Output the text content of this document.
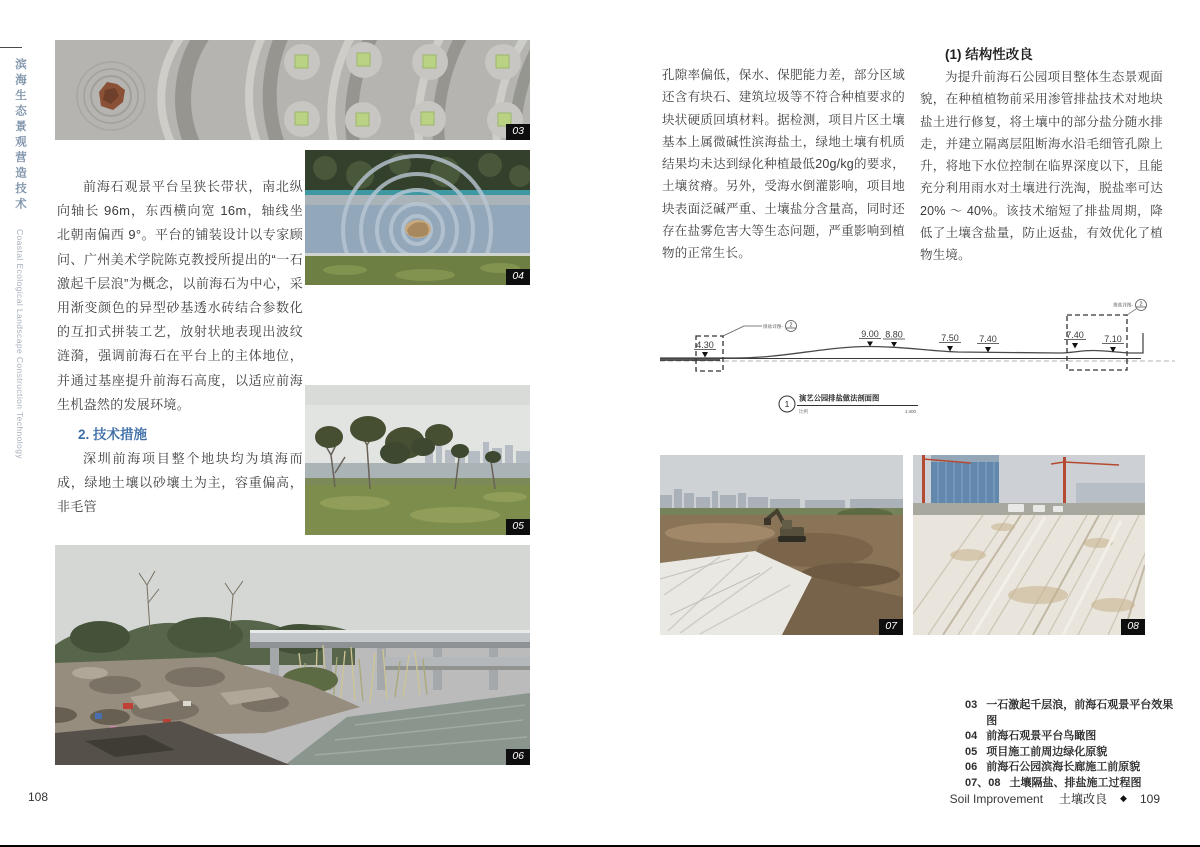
滨海生态景观营造技术 Coastal Ecological Landscape Construction Technology
03

前海石观景平台呈狭长带状，南北纵向轴长 96m，东西横向宽 16m，轴线坐北朝南偏西 9°。平台的铺装设计以专家顾问、广州美术学院陈克教授所提出的“一石激起千层浪”为概念，以前海石为中心，采用渐变颜色的异型砂基透水砖结合参数化的互扣式拼装工艺，放射状地表现出波纹涟漪，强调前海石在平台上的主体地位，并通过基座提升前海石高度，以适应前海生机盎然的发展环境。

2. 技术措施

深圳前海项目整个地块均为填海而成，绿地土壤以砂壤土为主，容重偏高，非毛管

04
05
06
108

孔隙率偏低，保水、保肥能力差，部分区域还含有块石、建筑垃圾等不符合种植要求的块状硬质回填材料。据检测，项目片区土壤基本上属微碱性滨海盐土，绿地土壤有机质结果均未达到绿化种植最低20g/kg的要求，土壤贫瘠。另外，受海水倒灌影响，项目地块表面泛碱严重、土壤盐分含量高，同时还存在盐雾危害大等生态问题，严重影响到植物的正常生长。

(1) 结构性改良

为提升前海石公园项目整体生态景观面貌，在种植植物前采用渗管排盐技术对地块盐土进行修复，将土壤中的部分盐分随水排走，并建立隔离层阻断海水沿毛细管孔隙上升，将地下水位控制在临界深度以下，且能充分利用雨水对土壤进行洗淘，脱盐率可达 20% ～ 40%。该技术缩短了排盐周期，降低了土壤含盐量，防止返盐，有效优化了植物生境。

排盐详图- 2
排盐详图- 2
4.30
9.00 8.80	7.50 7.40	7.40 7.10
1
演艺公园排盐做法剖面图
比例	1:400
07	08
03 一石激起千层浪，前海石观景平台效果图
04 前海石观景平台鸟瞰图
05 项目施工前周边绿化原貌
06 前海石公园滨海长廊施工前原貌
07、08 土壤隔盐、排盐施工过程图
Soil Improvement 土壤改良 ◆ 109
